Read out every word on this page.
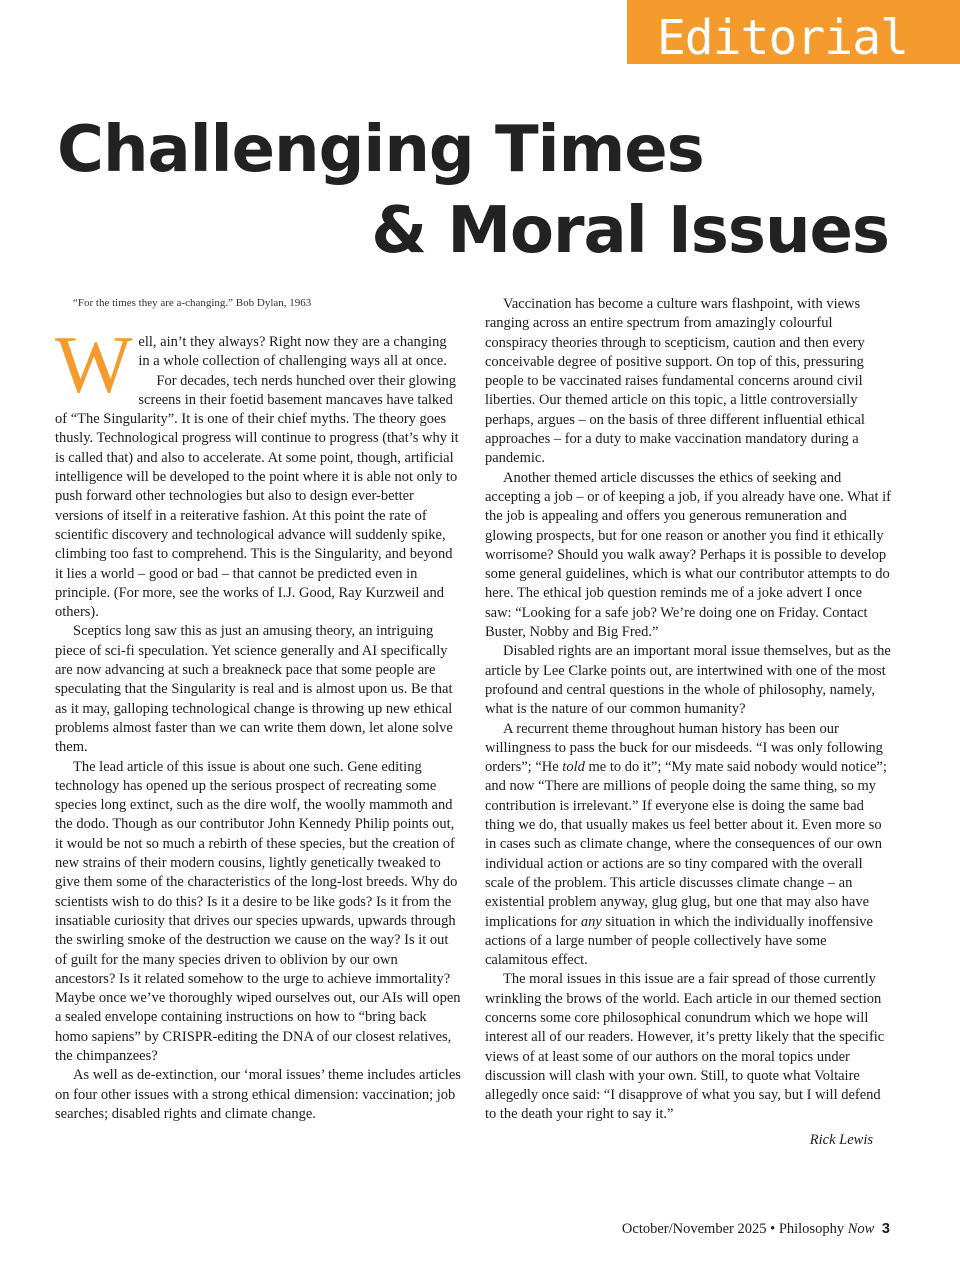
Editorial
Challenging Times
& Moral Issues
“For the times they are a-changing.” Bob Dylan, 1963

Well, ain’t they always? Right now they are a changing in a whole collection of challenging ways all at once.

For decades, tech nerds hunched over their glowing screens in their foetid basement mancaves have talked of “The Singularity”. It is one of their chief myths. The theory goes thusly. Technological progress will continue to progress (that’s why it is called that) and also to accelerate. At some point, though, artificial intelligence will be developed to the point where it is able not only to push forward other technologies but also to design ever-better versions of itself in a reiterative fashion. At this point the rate of scientific discovery and technological advance will suddenly spike, climbing too fast to comprehend. This is the Singularity, and beyond it lies a world – good or bad – that cannot be predicted even in principle. (For more, see the works of I.J. Good, Ray Kurzweil and others).

Sceptics long saw this as just an amusing theory, an intriguing piece of sci-fi speculation. Yet science generally and AI specifically are now advancing at such a breakneck pace that some people are speculating that the Singularity is real and is almost upon us. Be that as it may, galloping technological change is throwing up new ethical problems almost faster than we can write them down, let alone solve them.

The lead article of this issue is about one such. Gene editing technology has opened up the serious prospect of recreating some species long extinct, such as the dire wolf, the woolly mammoth and the dodo. Though as our contributor John Kennedy Philip points out, it would be not so much a rebirth of these species, but the creation of new strains of their modern cousins, lightly genetically tweaked to give them some of the characteristics of the long-lost breeds. Why do scientists wish to do this? Is it a desire to be like gods? Is it from the insatiable curiosity that drives our species upwards, upwards through the swirling smoke of the destruction we cause on the way? Is it out of guilt for the many species driven to oblivion by our own ancestors? Is it related somehow to the urge to achieve immortality? Maybe once we’ve thoroughly wiped ourselves out, our AIs will open a sealed envelope containing instructions on how to “bring back homo sapiens” by CRISPR-editing the DNA of our closest relatives, the chimpanzees?

As well as de-extinction, our ‘moral issues’ theme includes articles on four other issues with a strong ethical dimension: vaccination; job searches; disabled rights and climate change.

Vaccination has become a culture wars flashpoint, with views ranging across an entire spectrum from amazingly colourful conspiracy theories through to scepticism, caution and then every conceivable degree of positive support. On top of this, pressuring people to be vaccinated raises fundamental concerns around civil liberties. Our themed article on this topic, a little controversially perhaps, argues – on the basis of three different influential ethical approaches – for a duty to make vaccination mandatory during a pandemic.

Another themed article discusses the ethics of seeking and accepting a job – or of keeping a job, if you already have one. What if the job is appealing and offers you generous remuneration and glowing prospects, but for one reason or another you find it ethically worrisome? Should you walk away? Perhaps it is possible to develop some general guidelines, which is what our contributor attempts to do here. The ethical job question reminds me of a joke advert I once saw: “Looking for a safe job? We’re doing one on Friday. Contact Buster, Nobby and Big Fred.”

Disabled rights are an important moral issue themselves, but as the article by Lee Clarke points out, are intertwined with one of the most profound and central questions in the whole of philosophy, namely, what is the nature of our common humanity?

A recurrent theme throughout human history has been our willingness to pass the buck for our misdeeds. “I was only following orders”; “He told me to do it”; “My mate said nobody would notice”; and now “There are millions of people doing the same thing, so my contribution is irrelevant.” If everyone else is doing the same bad thing we do, that usually makes us feel better about it. Even more so in cases such as climate change, where the consequences of our own individual action or actions are so tiny compared with the overall scale of the problem. This article discusses climate change – an existential problem anyway, glug glug, but one that may also have implications for any situation in which the individually inoffensive actions of a large number of people collectively have some calamitous effect.

The moral issues in this issue are a fair spread of those currently wrinkling the brows of the world. Each article in our themed section concerns some core philosophical conundrum which we hope will interest all of our readers. However, it’s pretty likely that the specific views of at least some of our authors on the moral topics under discussion will clash with your own. Still, to quote what Voltaire allegedly once said: “I disapprove of what you say, but I will defend to the death your right to say it.”

Rick Lewis
October/November 2025 • Philosophy Now 3
